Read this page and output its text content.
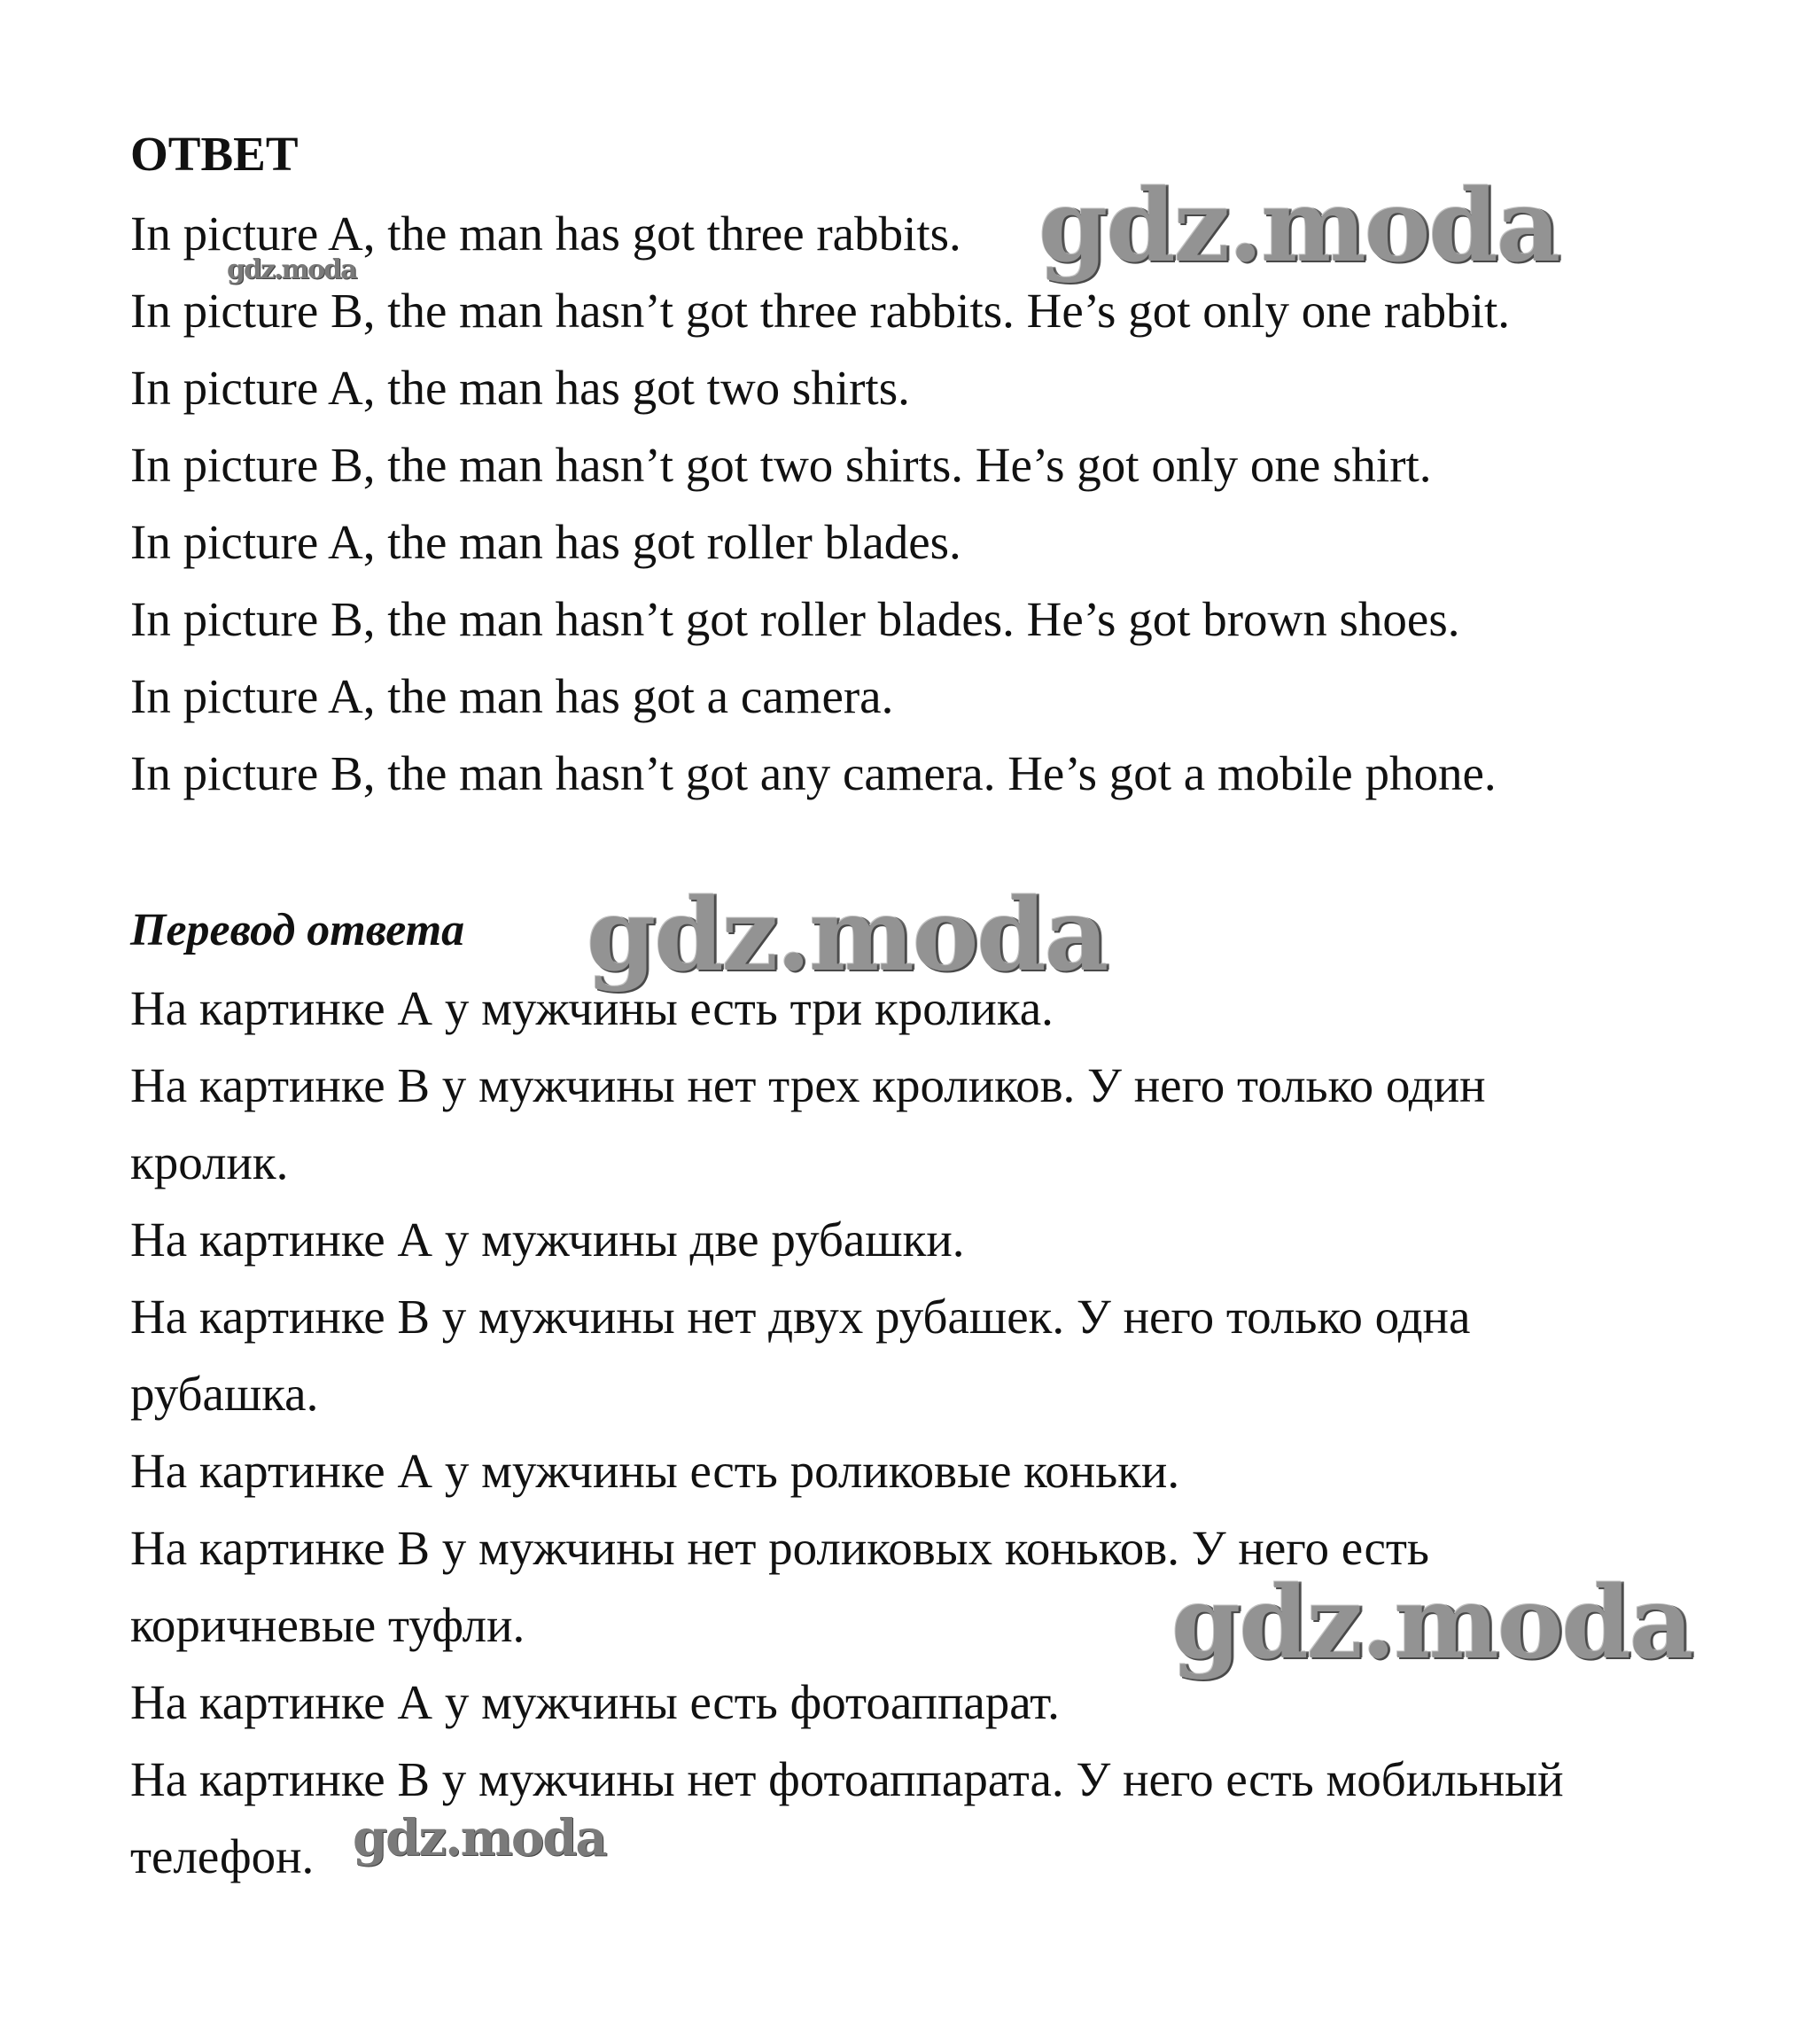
ОТВЕТ
In picture A, the man has got three rabbits.
In picture B, the man hasn’t got three rabbits. He’s got only one rabbit.
In picture A, the man has got two shirts.
In picture B, the man hasn’t got two shirts. He’s got only one shirt.
In picture A, the man has got roller blades.
In picture B, the man hasn’t got roller blades. He’s got brown shoes.
In picture A, the man has got a camera.
In picture B, the man hasn’t got any camera. He’s got a mobile phone.
Перевод ответа
На картинке А у мужчины есть три кролика.
На картинке В у мужчины нет трех кроликов. У него только один
кролик.
На картинке А у мужчины две рубашки.
На картинке В у мужчины нет двух рубашек. У него только одна
рубашка.
На картинке А у мужчины есть роликовые коньки.
На картинке В у мужчины нет роликовых коньков. У него есть
коричневые туфли.
На картинке А у мужчины есть фотоаппарат.
На картинке В у мужчины нет фотоаппарата. У него есть мобильный
телефон.
gdz.moda
gdz.moda
gdz.moda
gdz.moda
gdz.moda
